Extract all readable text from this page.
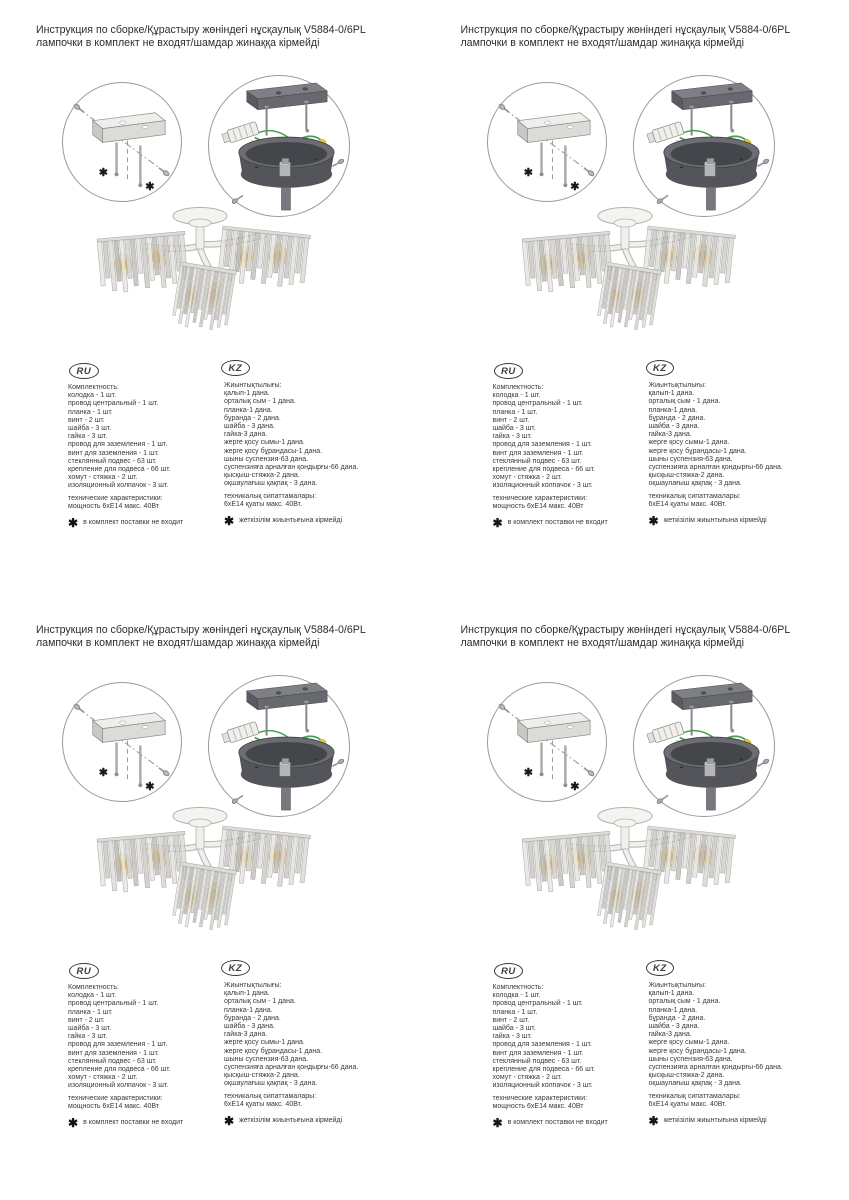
Инструкция по сборке/Құрастыру жөніндегі нұсқаулық V5884-0/6PL
лампочки в комплект не входят/шамдар жинаққа кірмейді
✱
✱
RU
Комплектность:
колодка - 1 шт.
провод центральный - 1 шт.
планка - 1 шт.
винт - 2 шт.
шайба - 3 шт.
гайка - 3 шт.
провод для заземления - 1 шт.
винт для заземления - 1 шт.
стеклянный подвес - 63 шт.
крепление для подвеса - 66 шт.
хомут - стяжка - 2 шт.
изоляционный колпачок - 3 шт.
технические характеристики:
мощность 6хЕ14 макс. 40Вт
✱ в комплект поставки не входит
KZ
Жиынтықтылығы:
қалып-1 дана.
орталық сым - 1 дана.
планка-1 дана.
бұранда - 2 дана.
шайба - 3 дана.
гайка-3 дана.
жерге қосу сымы-1 дана.
жерге қосу бұрандасы-1 дана.
шыны суспензия-63 дана.
суспензияға арналған қондырғы-66 дана.
қысқыш-стяжка-2 дана.
оқшаулағыш қақпақ - 3 дана.
техникалық сипаттамалары:
6хЕ14 қуаты макс. 40Вт.
✱ жеткізілім жиынтығына кірмейді
Инструкция по сборке/Құрастыру жөніндегі нұсқаулық V5884-0/6PL
лампочки в комплект не входят/шамдар жинаққа кірмейді
✱
✱
RU
Комплектность:
колодка - 1 шт.
провод центральный - 1 шт.
планка - 1 шт.
винт - 2 шт.
шайба - 3 шт.
гайка - 3 шт.
провод для заземления - 1 шт.
винт для заземления - 1 шт.
стеклянный подвес - 63 шт.
крепление для подвеса - 66 шт.
хомут - стяжка - 2 шт.
изоляционный колпачок - 3 шт.
технические характеристики:
мощность 6хЕ14 макс. 40Вт
✱ в комплект поставки не входит
KZ
Жиынтықтылығы:
қалып-1 дана.
орталық сым - 1 дана.
планка-1 дана.
бұранда - 2 дана.
шайба - 3 дана.
гайка-3 дана.
жерге қосу сымы-1 дана.
жерге қосу бұрандасы-1 дана.
шыны суспензия-63 дана.
суспензияға арналған қондырғы-66 дана.
қысқыш-стяжка-2 дана.
оқшаулағыш қақпақ - 3 дана.
техникалық сипаттамалары:
6хЕ14 қуаты макс. 40Вт.
✱ жеткізілім жиынтығына кірмейді
Инструкция по сборке/Құрастыру жөніндегі нұсқаулық V5884-0/6PL
лампочки в комплект не входят/шамдар жинаққа кірмейді
✱
✱
RU
Комплектность:
колодка - 1 шт.
провод центральный - 1 шт.
планка - 1 шт.
винт - 2 шт.
шайба - 3 шт.
гайка - 3 шт.
провод для заземления - 1 шт.
винт для заземления - 1 шт.
стеклянный подвес - 63 шт.
крепление для подвеса - 66 шт.
хомут - стяжка - 2 шт.
изоляционный колпачок - 3 шт.
технические характеристики:
мощность 6хЕ14 макс. 40Вт
✱ в комплект поставки не входит
KZ
Жиынтықтылығы:
қалып-1 дана.
орталық сым - 1 дана.
планка-1 дана.
бұранда - 2 дана.
шайба - 3 дана.
гайка-3 дана.
жерге қосу сымы-1 дана.
жерге қосу бұрандасы-1 дана.
шыны суспензия-63 дана.
суспензияға арналған қондырғы-66 дана.
қысқыш-стяжка-2 дана.
оқшаулағыш қақпақ - 3 дана.
техникалық сипаттамалары:
6хЕ14 қуаты макс. 40Вт.
✱ жеткізілім жиынтығына кірмейді
Инструкция по сборке/Құрастыру жөніндегі нұсқаулық V5884-0/6PL
лампочки в комплект не входят/шамдар жинаққа кірмейді
✱
✱
RU
Комплектность:
колодка - 1 шт.
провод центральный - 1 шт.
планка - 1 шт.
винт - 2 шт.
шайба - 3 шт.
гайка - 3 шт.
провод для заземления - 1 шт.
винт для заземления - 1 шт.
стеклянный подвес - 63 шт.
крепление для подвеса - 66 шт.
хомут - стяжка - 2 шт.
изоляционный колпачок - 3 шт.
технические характеристики:
мощность 6хЕ14 макс. 40Вт
✱ в комплект поставки не входит
KZ
Жиынтықтылығы:
қалып-1 дана.
орталық сым - 1 дана.
планка-1 дана.
бұранда - 2 дана.
шайба - 3 дана.
гайка-3 дана.
жерге қосу сымы-1 дана.
жерге қосу бұрандасы-1 дана.
шыны суспензия-63 дана.
суспензияға арналған қондырғы-66 дана.
қысқыш-стяжка-2 дана.
оқшаулағыш қақпақ - 3 дана.
техникалық сипаттамалары:
6хЕ14 қуаты макс. 40Вт.
✱ жеткізілім жиынтығына кірмейді
